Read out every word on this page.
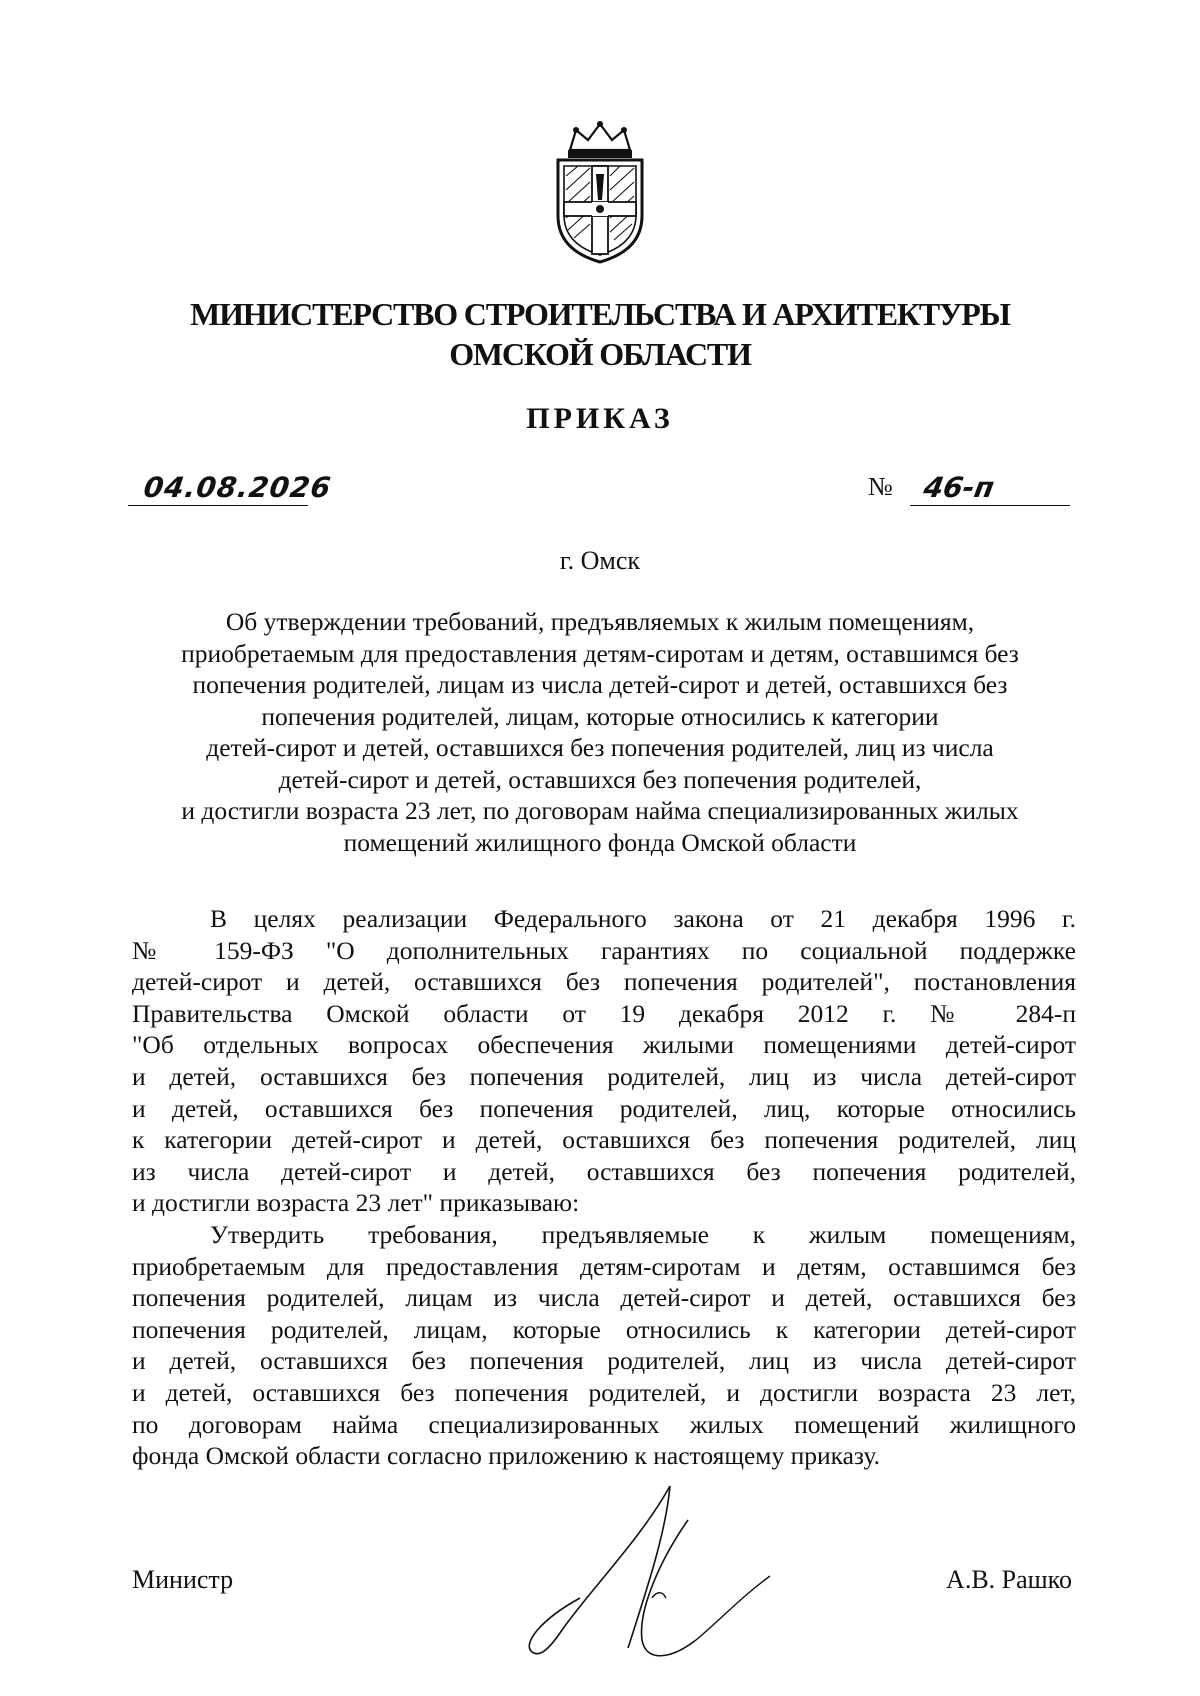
МИНИСТЕРСТВО СТРОИТЕЛЬСТВА И АРХИТЕКТУРЫ
ОМСКОЙ ОБЛАСТИ
ПРИКАЗ
04.08.2026	№ 46-п
г. Омск
Об утверждении требований, предъявляемых к жилым помещениям,
приобретаемым для предоставления детям-сиротам и детям, оставшимся без
попечения родителей, лицам из числа детей-сирот и детей, оставшихся без
попечения родителей, лицам, которые относились к категории
детей-сирот и детей, оставшихся без попечения родителей, лиц из числа
детей-сирот и детей, оставшихся без попечения родителей,
и достигли возраста 23 лет, по договорам найма специализированных жилых
помещений жилищного фонда Омской области
В целях реализации Федерального закона от 21 декабря 1996 г.
№ 159-ФЗ "О дополнительных гарантиях по социальной поддержке
детей-сирот и детей, оставшихся без попечения родителей", постановления
Правительства Омской области от 19 декабря 2012 г. № 284-п
"Об отдельных вопросах обеспечения жилыми помещениями детей-сирот
и детей, оставшихся без попечения родителей, лиц из числа детей-сирот
и детей, оставшихся без попечения родителей, лиц, которые относились
к категории детей-сирот и детей, оставшихся без попечения родителей, лиц
из числа детей-сирот и детей, оставшихся без попечения родителей,
и достигли возраста 23 лет" приказываю:
Утвердить требования, предъявляемые к жилым помещениям,
приобретаемым для предоставления детям-сиротам и детям, оставшимся без
попечения родителей, лицам из числа детей-сирот и детей, оставшихся без
попечения родителей, лицам, которые относились к категории детей-сирот
и детей, оставшихся без попечения родителей, лиц из числа детей-сирот
и детей, оставшихся без попечения родителей, и достигли возраста 23 лет,
по договорам найма специализированных жилых помещений жилищного
фонда Омской области согласно приложению к настоящему приказу.
Министр	А.В. Рашко
